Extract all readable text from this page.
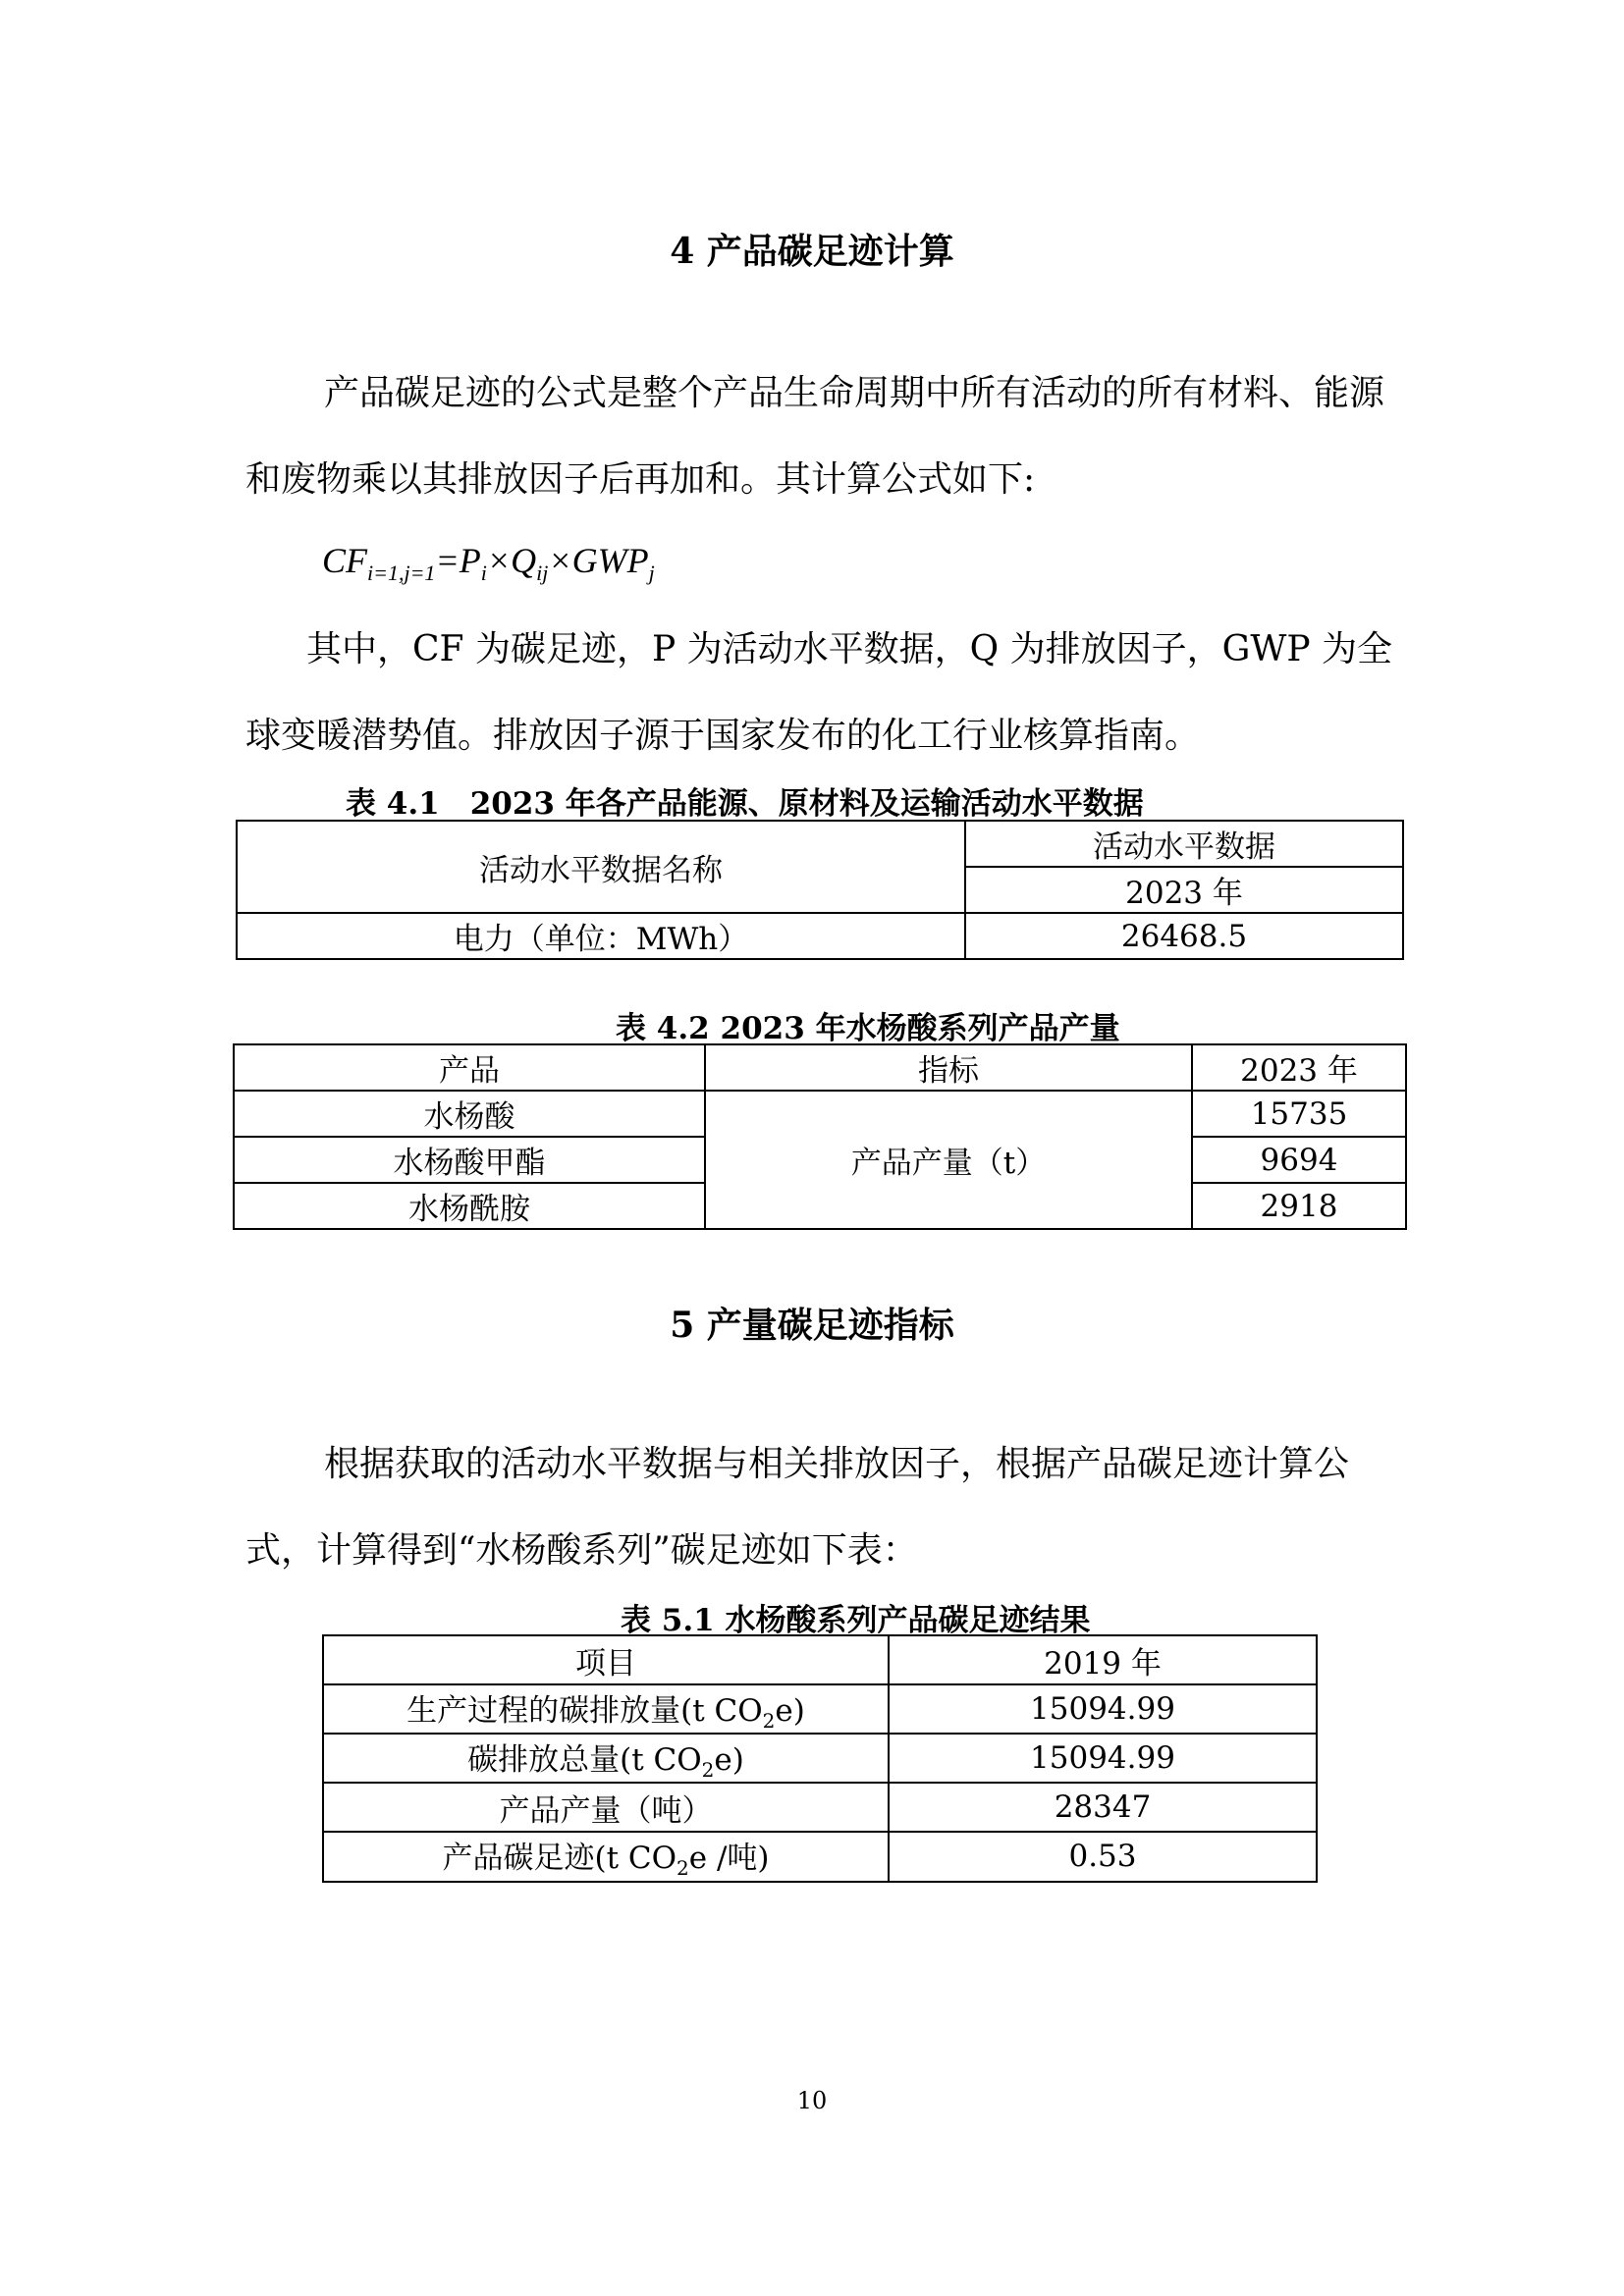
4 产品碳足迹计算

产品碳足迹的公式是整个产品生命周期中所有活动的所有材料、能源和废物乘以其排放因子后再加和。其计算公式如下:

$CF_{i=1,j=1}=P_i\times Q_{ij}\times GWP_j$

其中，CF 为碳足迹，P 为活动水平数据，Q 为排放因子，GWP 为全球变暖潜势值。排放因子源于国家发布的化工行业核算指南。

表 4.1　2023 年各产品能源、原材料及运输活动水平数据
活动水平数据名称	活动水平数据
	2023 年
电力（单位：MWh）	26468.5
表 4.2 2023 年水杨酸系列产品产量
产品	指标	2023 年
水杨酸	产品产量（t）	15735
水杨酸甲酯		9694
水杨酰胺		2918
5 产量碳足迹指标

根据获取的活动水平数据与相关排放因子，根据产品碳足迹计算公式，计算得到“水杨酸系列”碳足迹如下表：

表 5.1 水杨酸系列产品碳足迹结果
项目	2019 年
生产过程的碳排放量(t $CO_2e$)	15094.99
碳排放总量(t $CO_2e$)	15094.99
产品产量（吨）	28347
产品碳足迹(t $CO_2e$ /吨)	0.53
10
